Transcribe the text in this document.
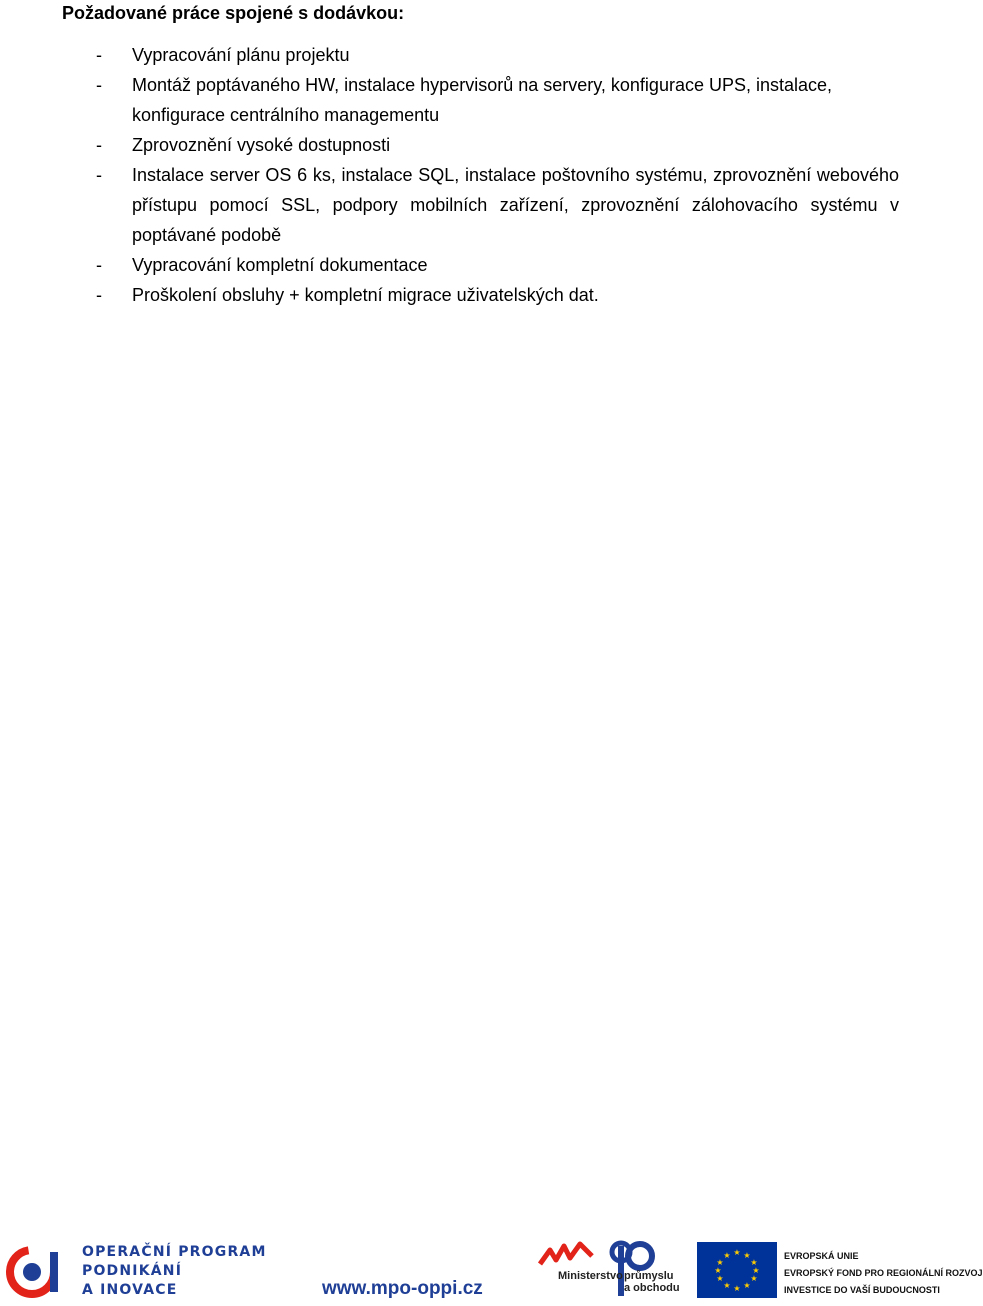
Požadované práce spojené s dodávkou:
- Vypracování plánu projektu
- Montáž poptávaného HW, instalace hypervisorů na servery, konfigurace UPS, instalace, konfigurace centrálního managementu
- Zprovoznění vysoké dostupnosti
- Instalace server OS 6 ks, instalace SQL, instalace poštovního systému, zprovoznění webového přístupu pomocí SSL, podpory mobilních zařízení, zprovoznění zálohovacího systému v poptávané podobě
- Vypracování kompletní dokumentace
- Proškolení obsluhy + kompletní migrace uživatelských dat.
OPERAČNÍ PROGRAM
PODNIKÁNÍ
A INOVACE	www.mpo-oppi.cz
Ministerstvo průmyslu
a obchodu
★ ★
★
★
★
★
★
★
★
★
★
★	EVROPSKÁ UNIE
EVROPSKÝ FOND PRO REGIONÁLNÍ ROZVOJ
INVESTICE DO VAŠÍ BUDOUCNOSTI
